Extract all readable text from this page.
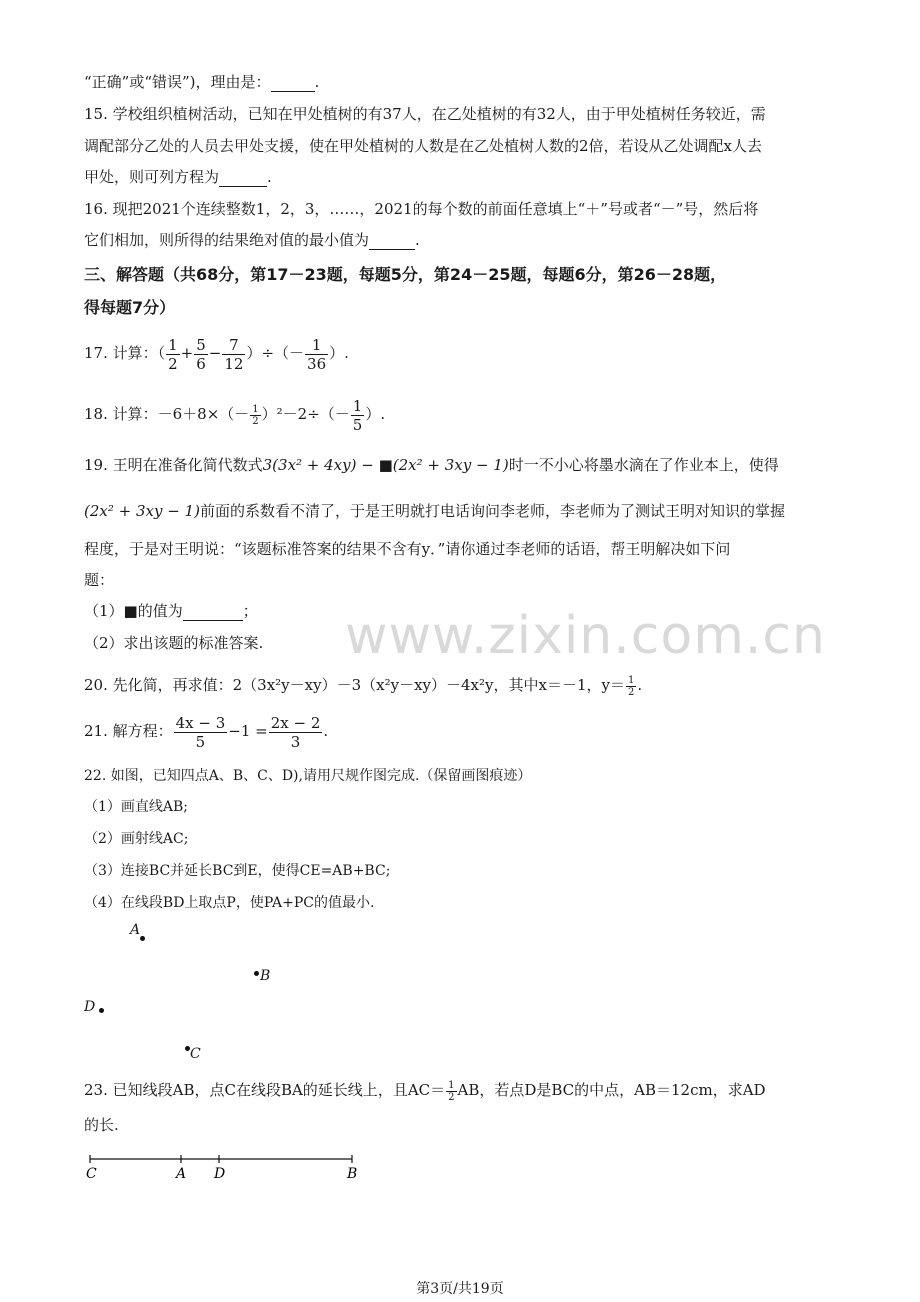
“正确”或“错误”)，理由是：	.
15. 学校组织植树活动，已知在甲处植树的有37人，在乙处植树的有32人，由于甲处植树任务较近，需
调配部分乙处的人员去甲处支援，使在甲处植树的人数是在乙处植树人数的2倍，若设从乙处调配x人去
甲处，则可列方程为	.
16. 现把2021个连续整数1，2，3，……，2021的每个数的前面任意填上“＋”号或者“－”号，然后将
它们相加，则所得的结果绝对值的最小值为	.
三、解答题（共68分，第17－23题，每题5分，第24－25题，每题6分，第26－28题，
得每题7分）
17. 计算：（ $\frac{1}{2} + \frac{5}{6} - \frac{7}{12}$ ）÷（－ $\frac{1}{36}$ ）.
18. 计算：$-6+8\times(- \frac{1}{2} )^2-2\div(- \frac{1}{5}$ ）.
19. 王明在准备化简代数式3(3x² + 4xy) − ■(2x² + 3xy − 1)时一不小心将墨水滴在了作业本上，使得
(2x² + 3xy − 1)前面的系数看不清了，于是王明就打电话询问李老师，李老师为了测试王明对知识的掌握
程度，于是对王明说：“该题标准答案的结果不含有y．”请你通过李老师的话语，帮王明解决如下问
题：
（1）■的值为	；
（2）求出该题的标准答案. www.zixin.com.cn
20. 先化简，再求值：2（3x²y－xy）－3（x²y－xy）－4x²y，其中x＝－1，$y= \frac{1}{2}$ .
21. 解方程： $\frac{4x - 3}{5} -1 = \frac{2x - 2}{3}$ .
22. 如图，已知四点A、B、C、D),请用尺规作图完成.（保留画图痕迹）
（1）画直线AB;
（2）画射线AC;
（3）连接BC并延长BC到E，使得CE=AB+BC;
（4）在线段BD上取点P，使PA+PC的值最小.
A
B
D
C
23. 已知线段AB，点C在线段BA的延长线上，且$AC= \frac{1}{2}$ AB，若点D是BC的中点，AB＝12cm，求AD
的长.
C	A D	B
第3页/共19页
